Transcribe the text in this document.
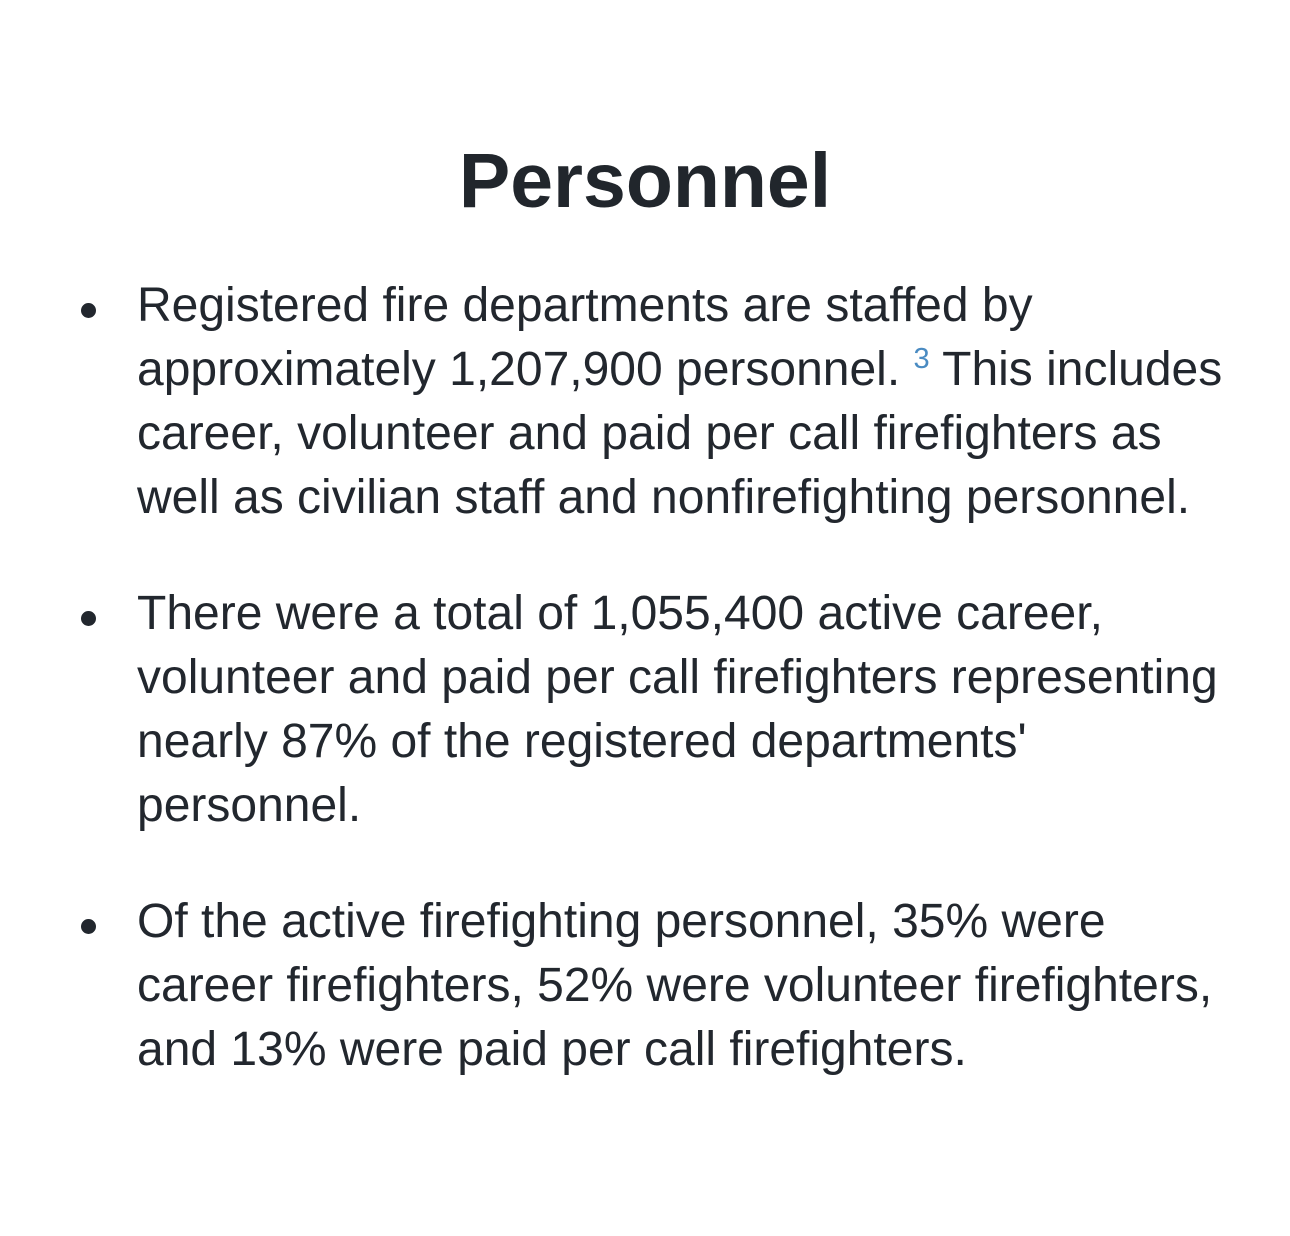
Personnel
Registered fire departments are staffed by approximately 1,207,900 personnel. $^3$ This includes career, volunteer and paid per call firefighters as well as civilian staff and nonfirefighting personnel.
There were a total of 1,055,400 active career, volunteer and paid per call firefighters representing nearly 87% of the registered departments' personnel.
Of the active firefighting personnel, 35% were career firefighters, 52% were volunteer firefighters, and 13% were paid per call firefighters.
